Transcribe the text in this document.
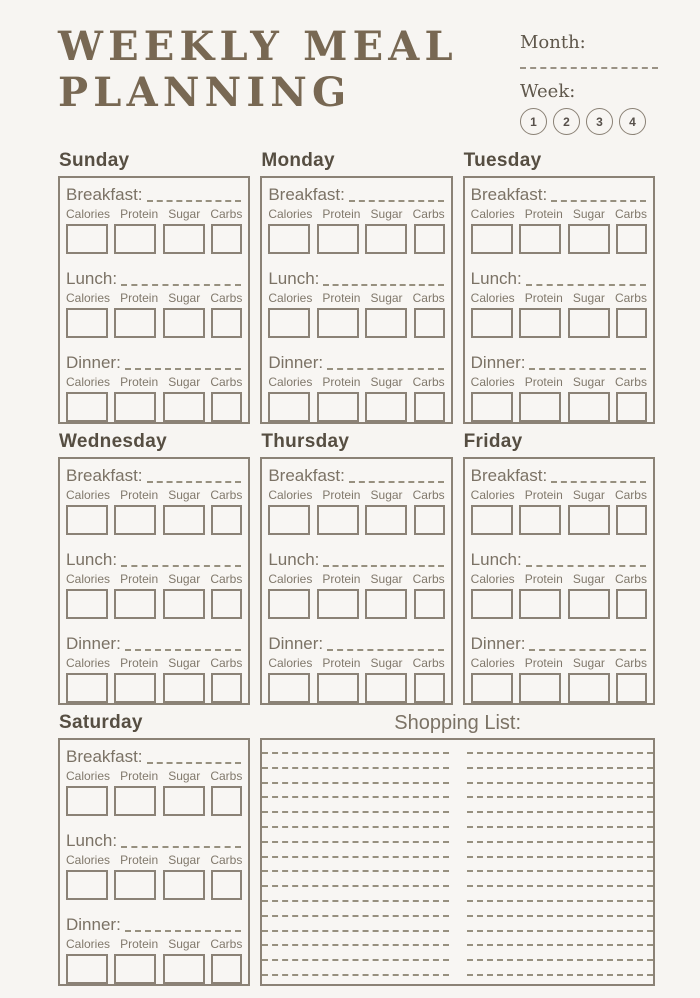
WEEKLY MEAL PLANNING

Month:

Week:

1	2	3	4
Shopping List:
Sunday
Breakfast:
Calories Protein Sugar Carbs
Lunch:
Calories Protein Sugar Carbs
Dinner:
Calories Protein Sugar Carbs
Monday
Breakfast:
Calories Protein Sugar Carbs
Lunch:
Calories Protein Sugar Carbs
Dinner:
Calories Protein Sugar Carbs
Tuesday
Breakfast:
Calories Protein Sugar Carbs
Lunch:
Calories Protein Sugar Carbs
Dinner:
Calories Protein Sugar Carbs
Wednesday
Breakfast:
Calories Protein Sugar Carbs
Lunch:
Calories Protein Sugar Carbs
Dinner:
Calories Protein Sugar Carbs
Thursday
Breakfast:
Calories Protein Sugar Carbs
Lunch:
Calories Protein Sugar Carbs
Dinner:
Calories Protein Sugar Carbs
Friday
Breakfast:
Calories Protein Sugar Carbs
Lunch:
Calories Protein Sugar Carbs
Dinner:
Calories Protein Sugar Carbs
Saturday
Breakfast:
Calories Protein Sugar Carbs
Lunch:
Calories Protein Sugar Carbs
Dinner:
Calories Protein Sugar Carbs
